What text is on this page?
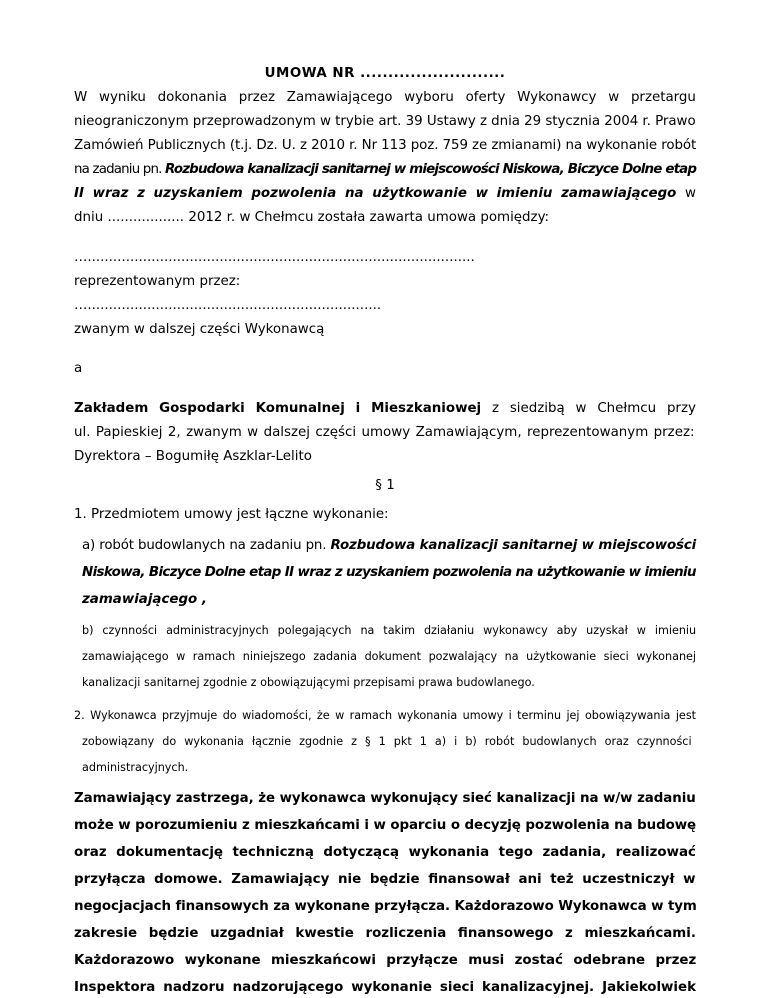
UMOWA NR ..........................
W wyniku dokonania przez Zamawiającego wyboru oferty Wykonawcy w przetargu
nieograniczonym przeprowadzonym w trybie art. 39 Ustawy z dnia 29 stycznia 2004 r. Prawo
Zamówień Publicznych (t.j. Dz. U. z 2010 r. Nr 113 poz. 759 ze zmianami) na wykonanie robót
na zadaniu pn. Rozbudowa kanalizacji sanitarnej w miejscowości Niskowa, Biczyce Dolne etap
II wraz z uzyskaniem pozwolenia na użytkowanie w imieniu zamawiającego w
dniu .................. 2012 r. w Chełmcu została zawarta umowa pomiędzy:
…...........................................................................................
reprezentowanym przez:
….....................................................................
zwanym w dalszej części Wykonawcą
a
Zakładem Gospodarki Komunalnej i Mieszkaniowej z siedzibą w Chełmcu przy
ul. Papieskiej 2, zwanym w dalszej części umowy Zamawiającym, reprezentowanym przez:
Dyrektora – Bogumiłę Aszklar-Lelito
§ 1
1. Przedmiotem umowy jest łączne wykonanie:
a) robót budowlanych na zadaniu pn. Rozbudowa kanalizacji sanitarnej w miejscowości
Niskowa, Biczyce Dolne etap II wraz z uzyskaniem pozwolenia na użytkowanie w imieniu
zamawiającego ,
b) czynności administracyjnych polegających na takim działaniu wykonawcy aby uzyskał w imieniu
zamawiającego w ramach niniejszego zadania dokument pozwalający na użytkowanie sieci wykonanej
kanalizacji sanitarnej zgodnie z obowiązującymi przepisami prawa budowlanego.
2. Wykonawca przyjmuje do wiadomości, że w ramach wykonania umowy i terminu jej obowiązywania jest
zobowiązany do wykonania łącznie zgodnie z § 1 pkt 1 a) i b) robót budowlanych oraz czynności
administracyjnych.
Zamawiający zastrzega, że wykonawca wykonujący sieć kanalizacji na w/w zadaniu
może w porozumieniu z mieszkańcami i w oparciu o decyzję pozwolenia na budowę
oraz dokumentację techniczną dotyczącą wykonania tego zadania, realizować
przyłącza domowe. Zamawiający nie będzie finansował ani też uczestniczył w
negocjacjach finansowych za wykonane przyłącza. Każdorazowo Wykonawca w tym
zakresie będzie uzgadniał kwestie rozliczenia finansowego z mieszkańcami.
Każdorazowo wykonane mieszkańcowi przyłącze musi zostać odebrane przez
Inspektora nadzoru nadzorującego wykonanie sieci kanalizacyjnej. Jakiekolwiek
